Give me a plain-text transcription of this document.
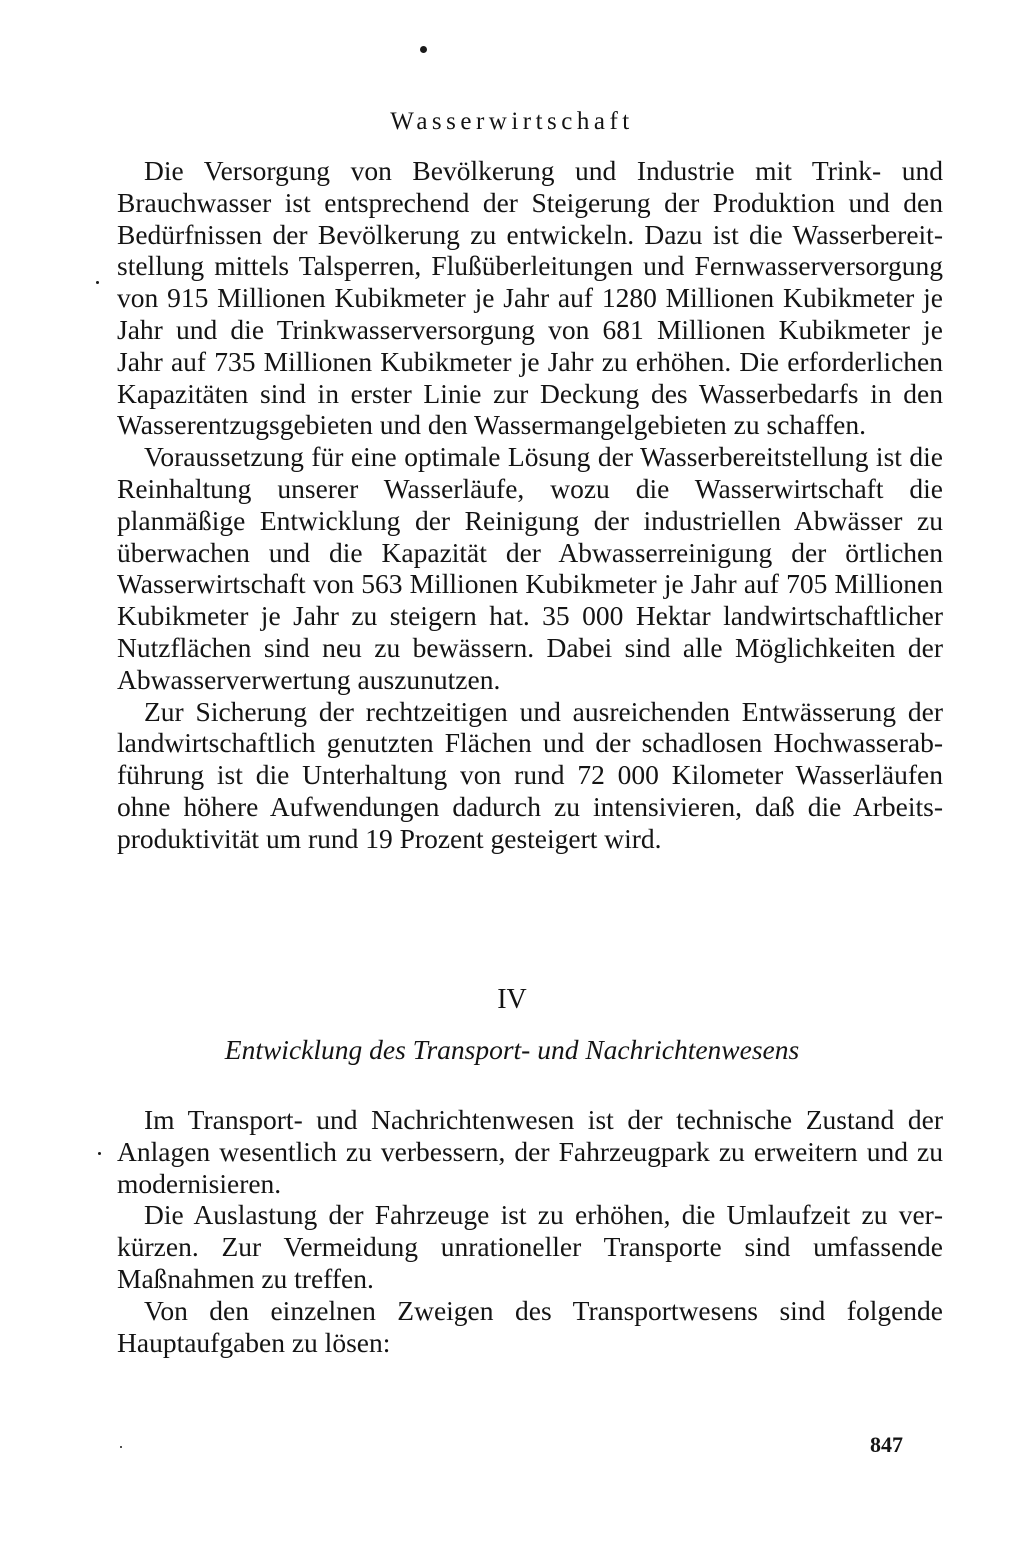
Wasserwirtschaft

Die Versorgung von Bevölkerung und Industrie mit Trink- und Brauchwasser ist entsprechend der Steigerung der Produktion und den Bedürfnissen der Bevölkerung zu entwickeln. Dazu ist die Wasserbereitstellung mittels Talsperren, Flußüberleitungen und Fernwasserversorgung von 915 Millionen Kubikmeter je Jahr auf 1280 Millionen Kubikmeter je Jahr und die Trinkwasserversorgung von 681 Millionen Kubikmeter je Jahr auf 735 Millionen Kubikmeter je Jahr zu erhöhen. Die erforderlichen Kapazitäten sind in erster Linie zur Deckung des Wasserbedarfs in den Wasserentzugsgebieten und den Wassermangelgebieten zu schaffen.

Voraussetzung für eine optimale Lösung der Wasserbereitstellung ist die Reinhaltung unserer Wasserläufe, wozu die Wasserwirtschaft die planmäßige Entwicklung der Reinigung der industriellen Abwässer zu überwachen und die Kapazität der Abwasserreinigung der örtlichen Wasserwirtschaft von 563 Millionen Kubikmeter je Jahr auf 705 Millionen Kubikmeter je Jahr zu steigern hat. 35 000 Hektar landwirtschaftlicher Nutzflächen sind neu zu bewässern. Dabei sind alle Möglichkeiten der Abwasserverwertung auszunutzen.

Zur Sicherung der rechtzeitigen und ausreichenden Entwässerung der landwirtschaftlich genutzten Flächen und der schadlosen Hochwasserabführung ist die Unterhaltung von rund 72 000 Kilometer Wasserläufen ohne höhere Aufwendungen dadurch zu intensivieren, daß die Arbeitsproduktivität um rund 19 Prozent gesteigert wird.

IV
Entwicklung des Transport- und Nachrichtenwesens

Im Transport- und Nachrichtenwesen ist der technische Zustand der Anlagen wesentlich zu verbessern, der Fahrzeugpark zu erweitern und zu modernisieren.

Die Auslastung der Fahrzeuge ist zu erhöhen, die Umlaufzeit zu verkürzen. Zur Vermeidung unrationeller Transporte sind umfassende Maßnahmen zu treffen.

Von den einzelnen Zweigen des Transportwesens sind folgende Hauptaufgaben zu lösen:

847
